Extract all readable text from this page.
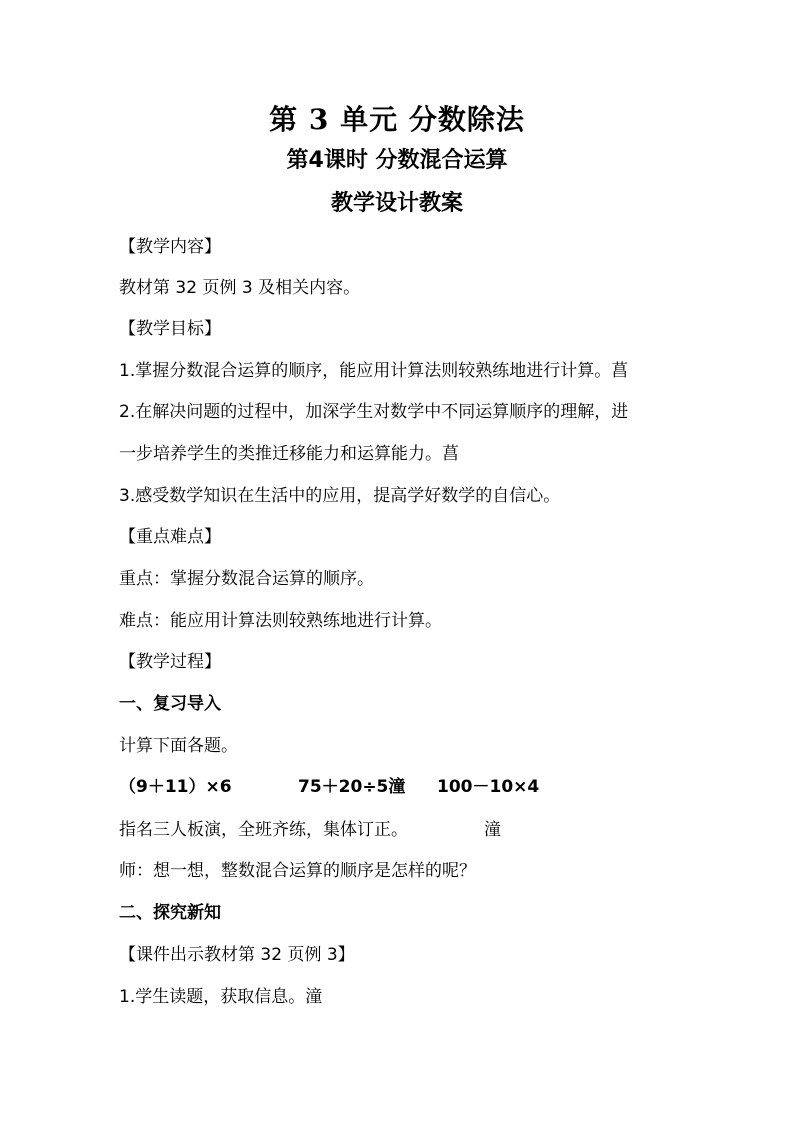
第 3 单元 分数除法

第4课时 分数混合运算

教学设计教案

【教学内容】

教材第 32 页例 3 及相关内容。

【教学目标】

1.掌握分数混合运算的顺序，能应用计算法则较熟练地进行计算。菖

2.在解决问题的过程中，加深学生对数学中不同运算顺序的理解，进

一步培养学生的类推迁移能力和运算能力。菖

3.感受数学知识在生活中的应用，提高学好数学的自信心。

【重点难点】

重点：掌握分数混合运算的顺序。

难点：能应用计算法则较熟练地进行计算。

【教学过程】

一、复习导入

计算下面各题。

（9＋11）×6	75＋20÷5潼 100－10×4

指名三人板演，全班齐练，集体订正。	潼

师：想一想，整数混合运算的顺序是怎样的呢？

二、探究新知

【课件出示教材第 32 页例 3】

1.学生读题，获取信息。潼
